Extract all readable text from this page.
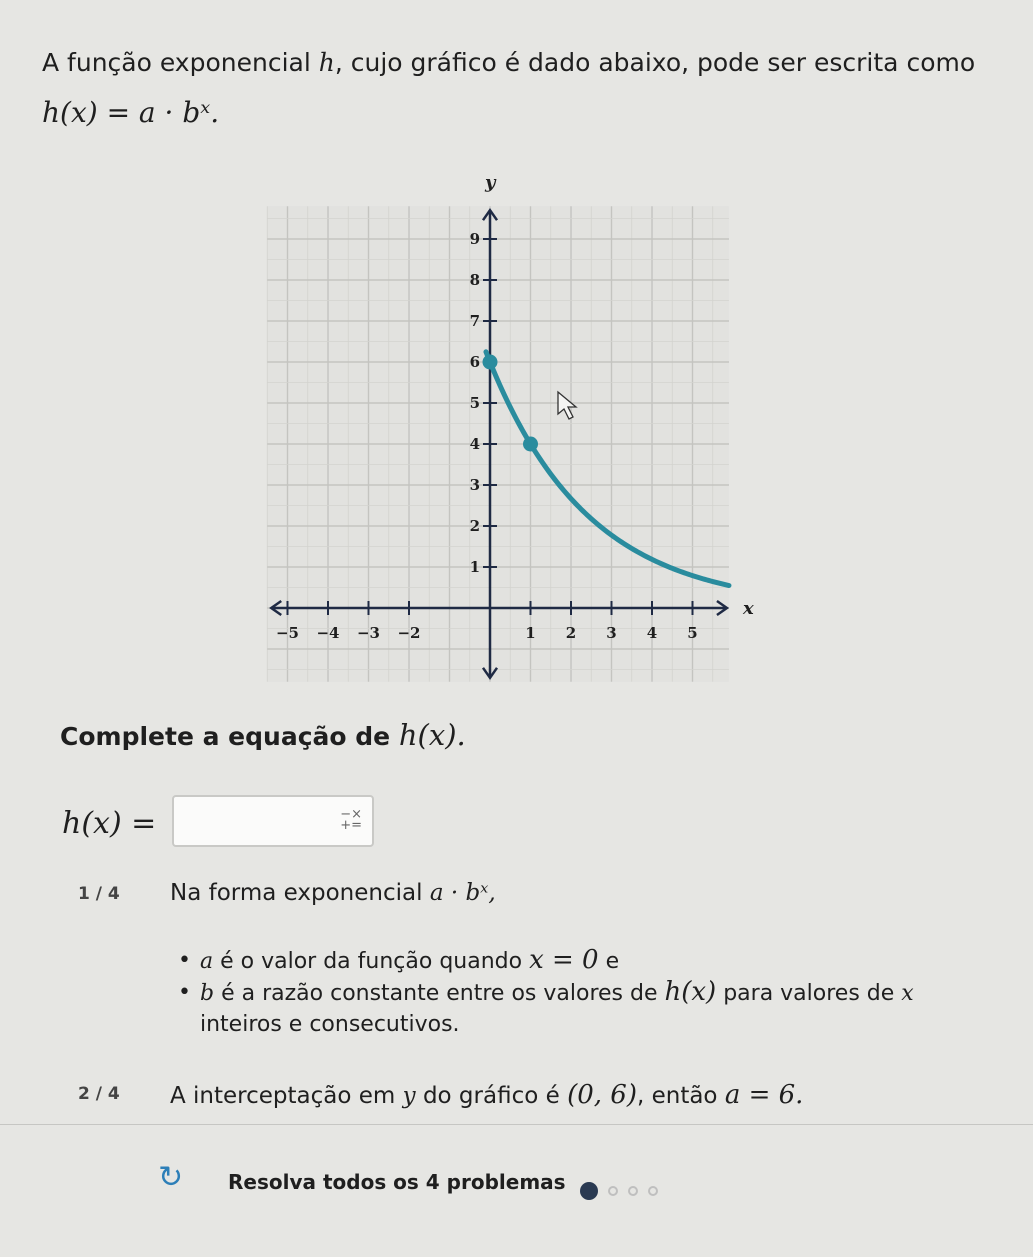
A função exponencial h, cujo gráfico é dado abaixo, pode ser escrita como
h(x) = a · bˣ.
x
y
−5 −4 −3 −2	1 2 3 4 5
1
2
3
4
5
6
7
8
9
Complete a equação de h(x).
h(x) =	−×
+=
1 / 4 Na forma exponencial a · bˣ,
• a é o valor da função quando x = 0 e
• b é a razão constante entre os valores de h(x) para valores de x inteiros e consecutivos.
2 / 4 A interceptação em y do gráfico é (0, 6), então a = 6.
↻ Resolva todos os 4 problemas
